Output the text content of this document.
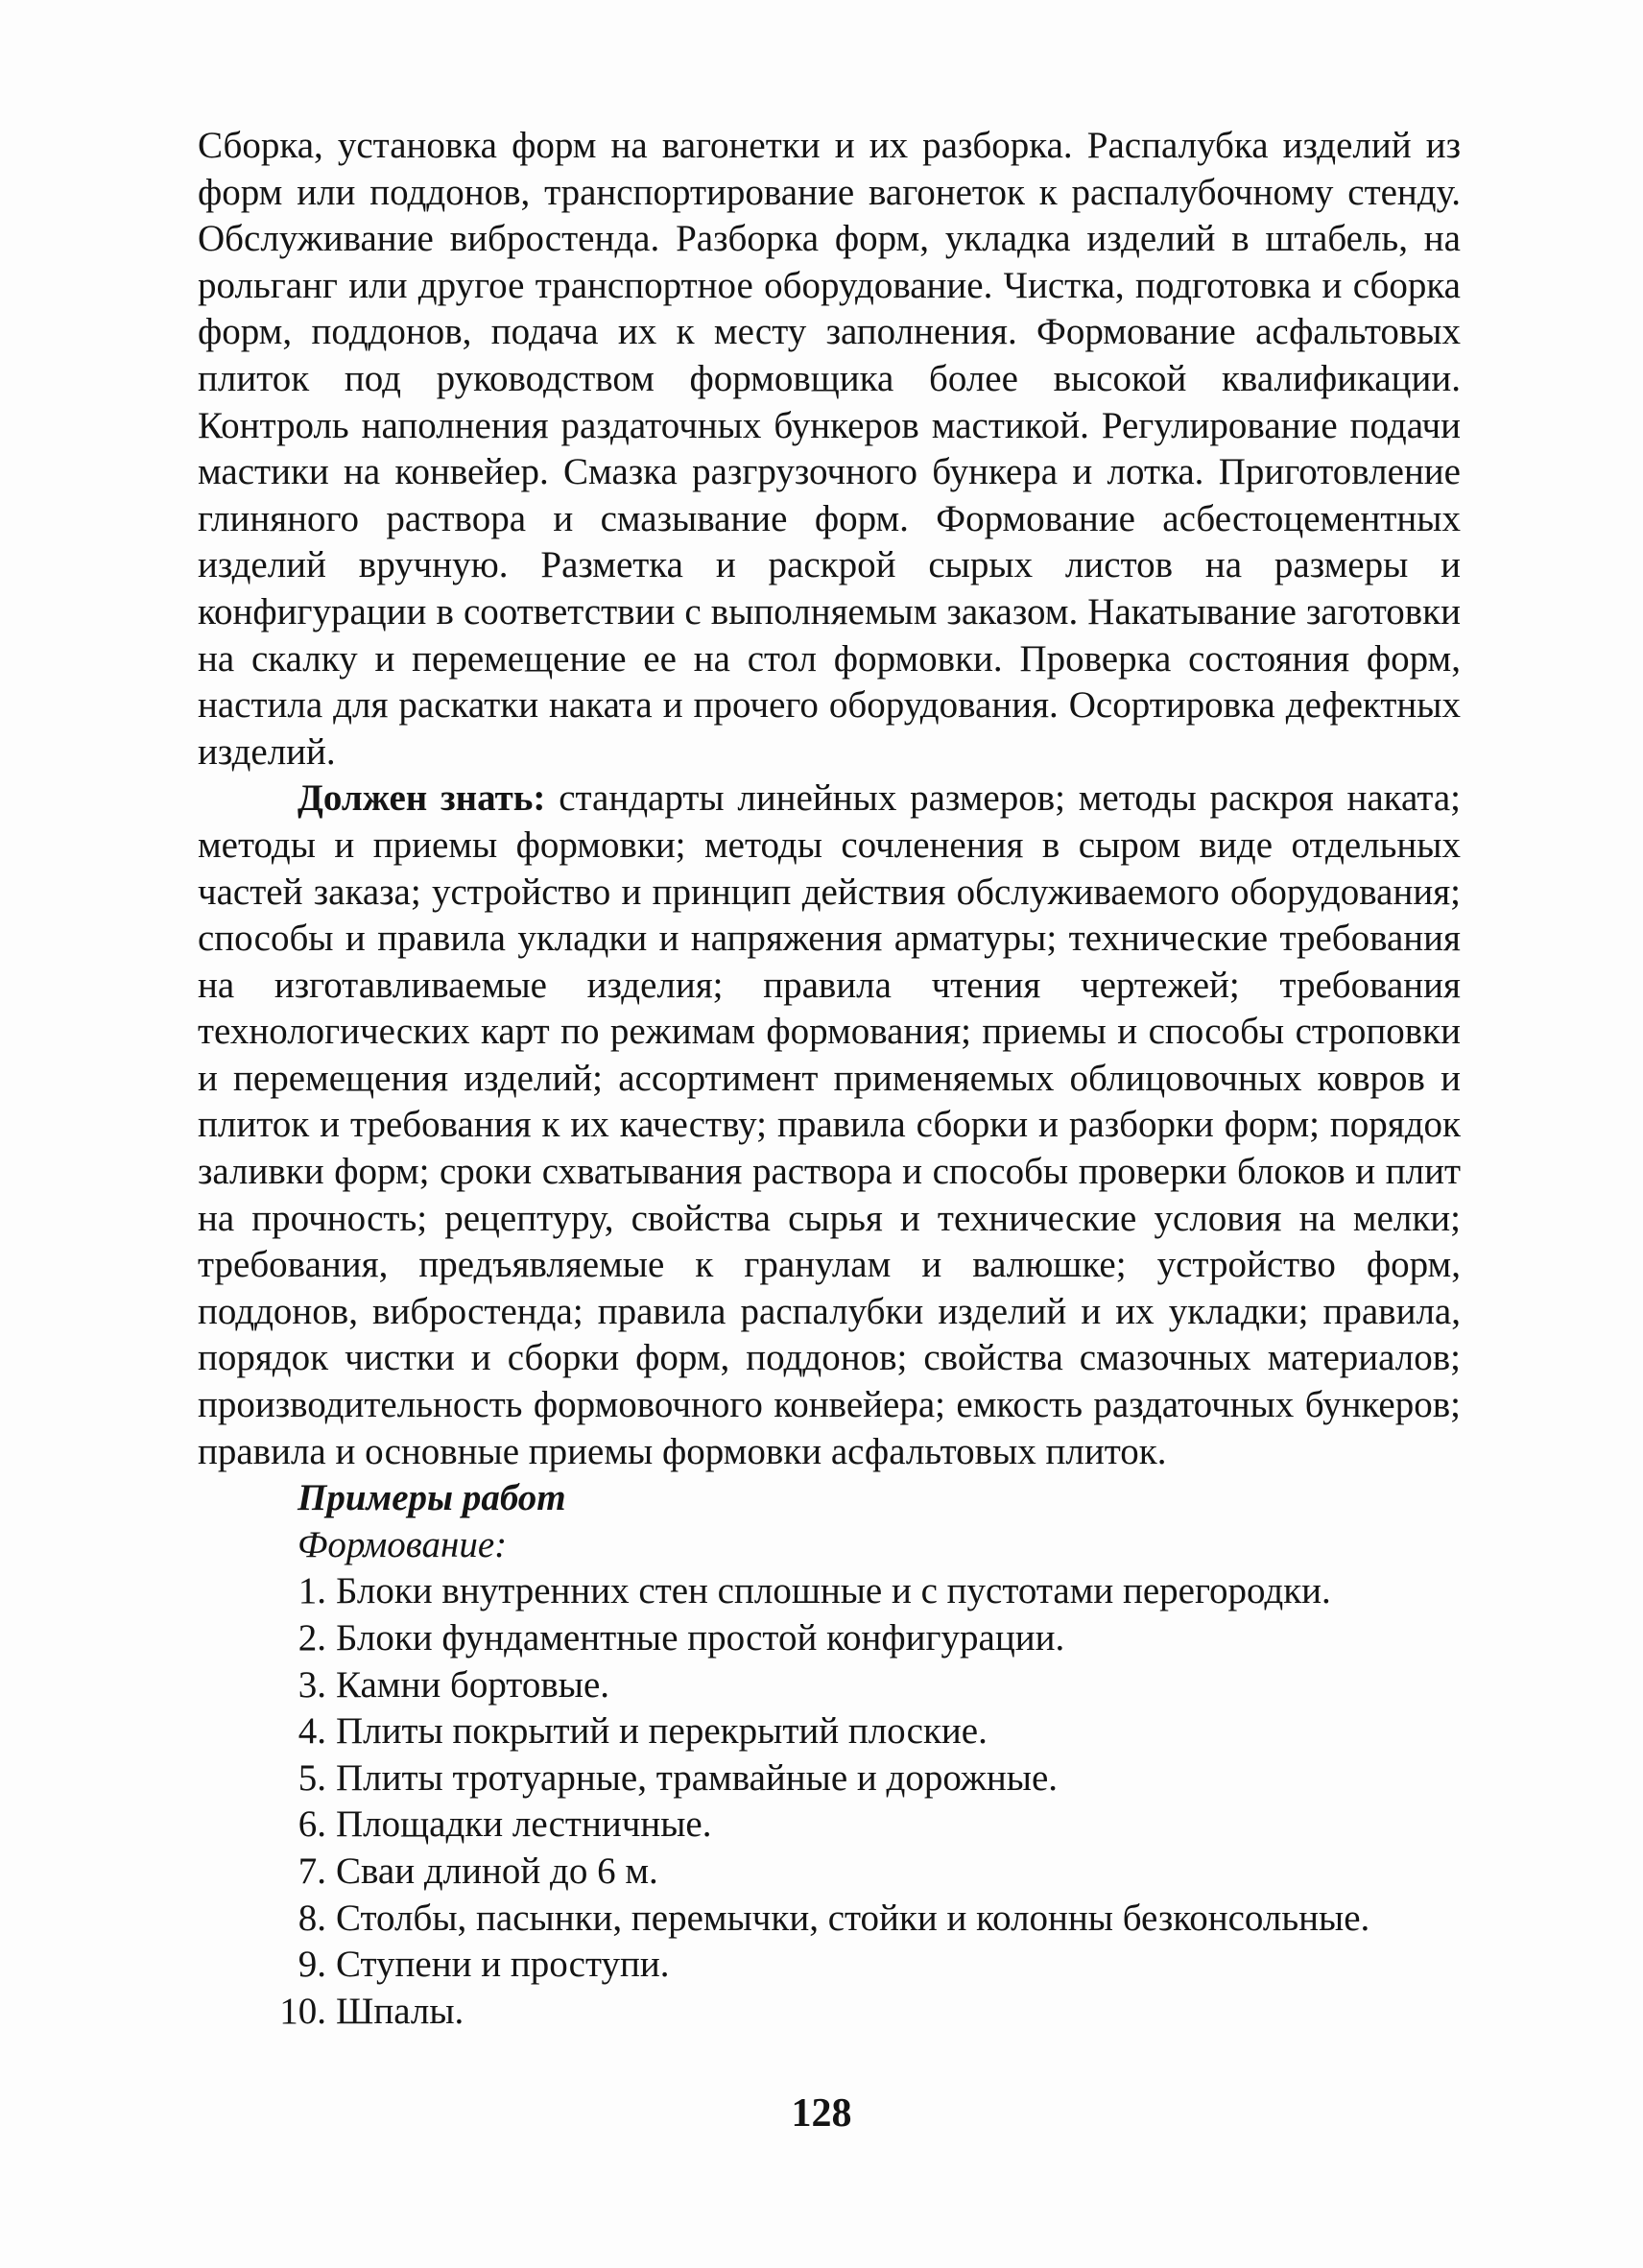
Сборка, установка форм на вагонетки и их разборка. Распалубка изделий из форм или поддонов, транспортирование вагонеток к распалубочному стенду. Обслуживание вибростенда. Разборка форм, укладка изделий в штабель, на рольганг или другое транспортное оборудование. Чистка, подготовка и сборка форм, поддонов, подача их к месту заполнения. Формование асфальтовых плиток под руководством формовщика более высокой квалификации. Контроль наполнения раздаточных бункеров мастикой. Регулирование подачи мастики на конвейер. Смазка разгрузочного бункера и лотка. Приготовление глиняного раствора и смазывание форм. Формование асбестоцементных изделий вручную. Разметка и раскрой сырых листов на размеры и конфигурации в соответствии с выполняемым заказом. Накатывание заготовки на скалку и перемещение ее на стол формовки. Проверка состояния форм, настила для раскатки наката и прочего оборудования. Осортировка дефектных изделий.

Должен знать: стандарты линейных размеров; методы раскроя наката; методы и приемы формовки; методы сочленения в сыром виде отдельных частей заказа; устройство и принцип действия обслуживаемого оборудования; способы и правила укладки и напряжения арматуры; технические требования на изготавливаемые изделия; правила чтения чертежей; требования технологических карт по режимам формования; приемы и способы строповки и перемещения изделий; ассортимент применяемых облицовочных ковров и плиток и требования к их качеству; правила сборки и разборки форм; порядок заливки форм; сроки схватывания раствора и способы проверки блоков и плит на прочность; рецептуру, свойства сырья и технические условия на мелки; требования, предъявляемые к гранулам и валюшке; устройство форм, поддонов, вибростенда; правила распалубки изделий и их укладки; правила, порядок чистки и сборки форм, поддонов; свойства смазочных материалов; производительность формовочного конвейера; емкость раздаточных бункеров; правила и основные приемы формовки асфальтовых плиток.

Примеры работ

Формование:

1. Блоки внутренних стен сплошные и с пустотами перегородки.
2. Блоки фундаментные простой конфигурации.
3. Камни бортовые.
4. Плиты покрытий и перекрытий плоские.
5. Плиты тротуарные, трамвайные и дорожные.
6. Площадки лестничные.
7. Сваи длиной до 6 м.
8. Столбы, пасынки, перемычки, стойки и колонны безконсольные.
9. Ступени и проступи.
10. Шпалы.
128
